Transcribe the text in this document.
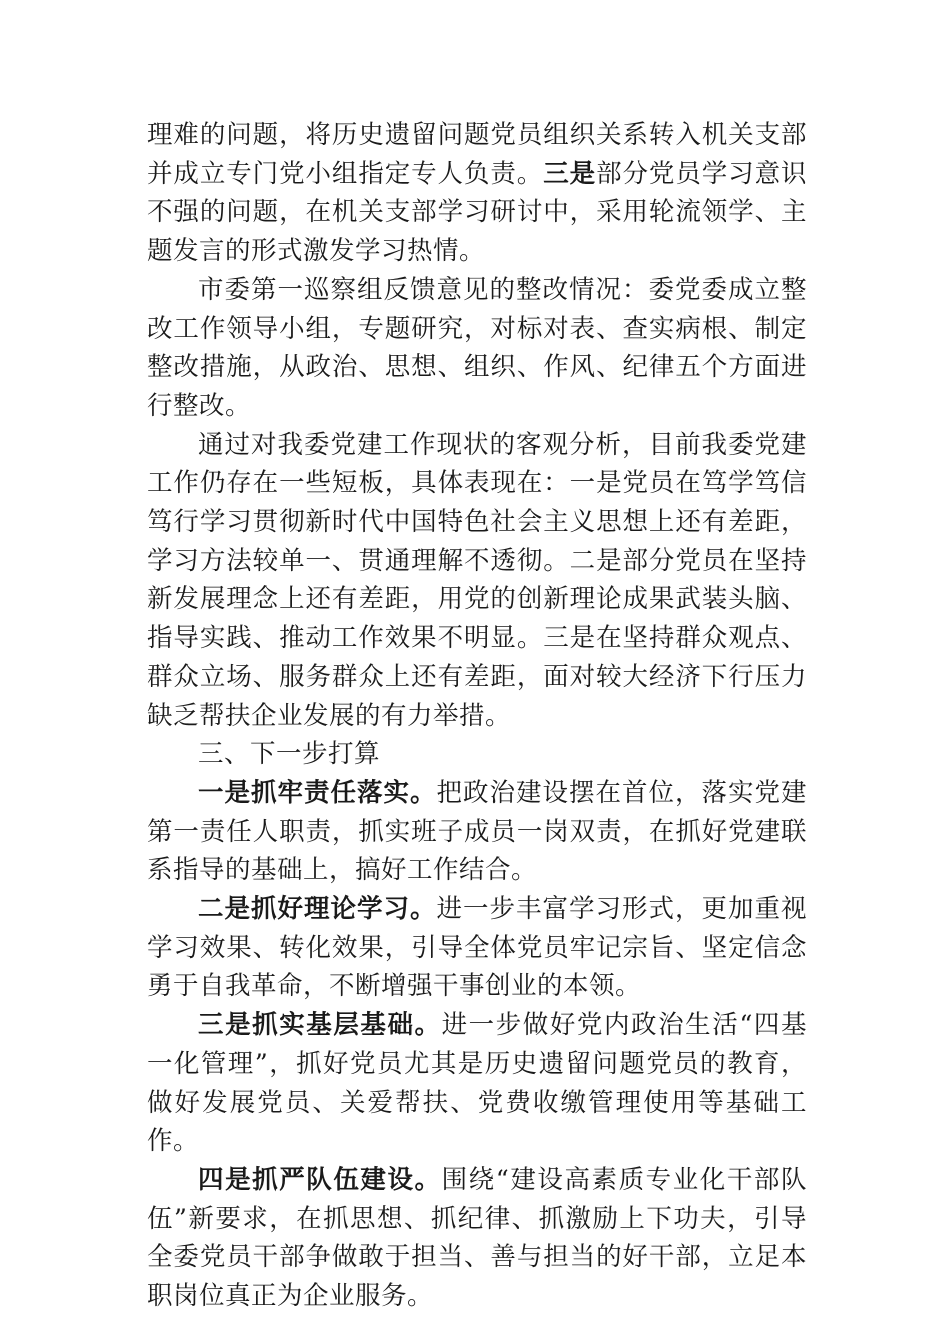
理难的问题，将历史遗留问题党员组织关系转入机关支部并成立专门党小组指定专人负责。三是部分党员学习意识不强的问题，在机关支部学习研讨中，采用轮流领学、主题发言的形式激发学习热情。

市委第一巡察组反馈意见的整改情况：委党委成立整改工作领导小组，专题研究，对标对表、查实病根、制定整改措施，从政治、思想、组织、作风、纪律五个方面进行整改。

通过对我委党建工作现状的客观分析，目前我委党建工作仍存在一些短板，具体表现在：一是党员在笃学笃信笃行学习贯彻新时代中国特色社会主义思想上还有差距，学习方法较单一、贯通理解不透彻。二是部分党员在坚持新发展理念上还有差距，用党的创新理论成果武装头脑、指导实践、推动工作效果不明显。三是在坚持群众观点、群众立场、服务群众上还有差距，面对较大经济下行压力缺乏帮扶企业发展的有力举措。

三、下一步打算

一是抓牢责任落实。把政治建设摆在首位，落实党建第一责任人职责，抓实班子成员一岗双责，在抓好党建联系指导的基础上，搞好工作结合。

二是抓好理论学习。进一步丰富学习形式，更加重视学习效果、转化效果，引导全体党员牢记宗旨、坚定信念勇于自我革命，不断增强干事创业的本领。

三是抓实基层基础。进一步做好党内政治生活“四基一化管理”，抓好党员尤其是历史遗留问题党员的教育，做好发展党员、关爱帮扶、党费收缴管理使用等基础工作。

四是抓严队伍建设。围绕“建设高素质专业化干部队伍”新要求，在抓思想、抓纪律、抓激励上下功夫，引导全委党员干部争做敢于担当、善与担当的好干部，立足本职岗位真正为企业服务。
